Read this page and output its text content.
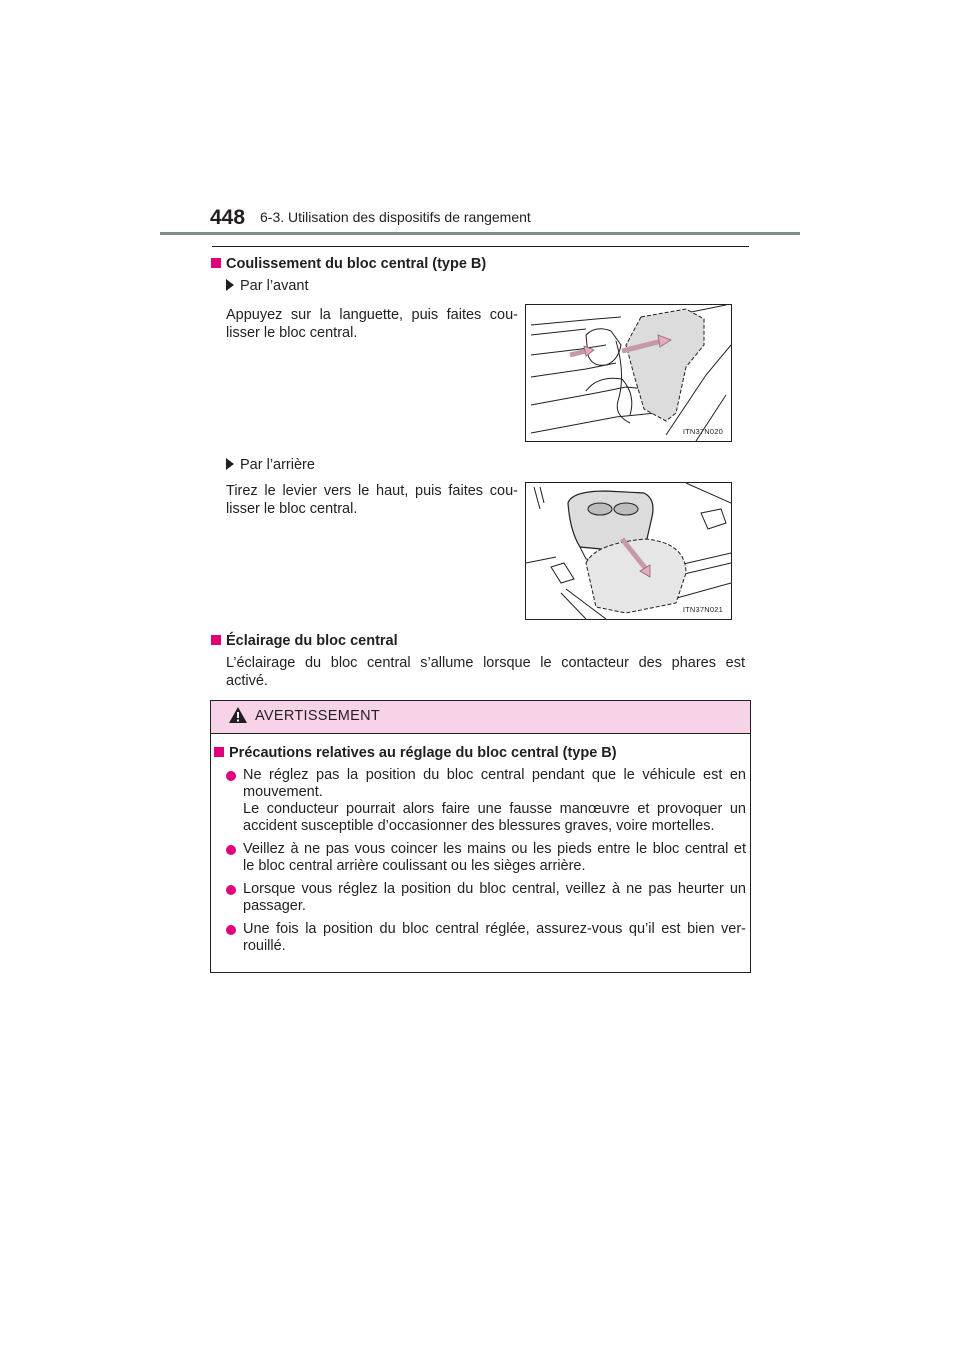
448 6-3. Utilisation des dispositifs de rangement
Coulissement du bloc central (type B)
Par l’avant
Appuyez sur la languette, puis faites cou-
lisser le bloc central.
ITN37N020
Par l’arrière
Tirez le levier vers le haut, puis faites cou-
lisser le bloc central.
ITN37N021
Éclairage du bloc central
L’éclairage du bloc central s’allume lorsque le contacteur des phares est
activé.
AVERTISSEMENT
Précautions relatives au réglage du bloc central (type B)
Ne réglez pas la position du bloc central pendant que le véhicule est en
mouvement.
Le conducteur pourrait alors faire une fausse manœuvre et provoquer un
accident susceptible d’occasionner des blessures graves, voire mortelles.
Veillez à ne pas vous coincer les mains ou les pieds entre le bloc central et
le bloc central arrière coulissant ou les sièges arrière.
Lorsque vous réglez la position du bloc central, veillez à ne pas heurter un
passager.
Une fois la position du bloc central réglée, assurez-vous qu’il est bien ver-
rouillé.
